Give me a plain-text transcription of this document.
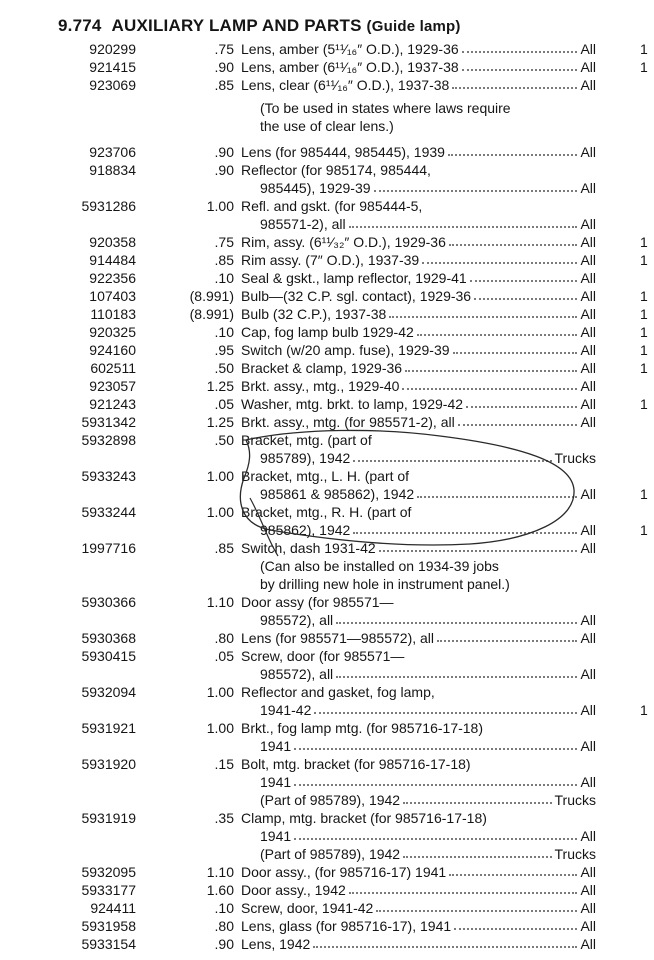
9.774 AUXILIARY LAMP AND PARTS (Guide lamp)
920299	.75 Lens, amber (5¹¹⁄₁₆″ O.D.), 1929-36	All	1
921415	.90 Lens, amber (6¹¹⁄₁₆″ O.D.), 1937-38	All	1
923069	.85 Lens, clear (6¹¹⁄₁₆″ O.D.), 1937-38	All
(To be used in states where laws require
the use of clear lens.)
923706	.90 Lens (for 985444, 985445), 1939	All
918834	.90 Reflector (for 985174, 985444,
985445), 1929-39	All
5931286	1.00 Refl. and gskt. (for 985444-5,
985571-2), all	All
920358	.75 Rim, assy. (6¹¹⁄₃₂″ O.D.), 1929-36	All	1
914484	.85 Rim assy. (7″ O.D.), 1937-39	All	1
922356	.10 Seal & gskt., lamp reflector, 1929-41	All
107403	(8.991) Bulb—(32 C.P. sgl. contact), 1929-36	All	1
110183	(8.991) Bulb (32 C.P.), 1937-38	All	1
920325	.10 Cap, fog lamp bulb 1929-42	All	1
924160	.95 Switch (w/20 amp. fuse), 1929-39	All	1
602511	.50 Bracket & clamp, 1929-36	All	1
923057	1.25 Brkt. assy., mtg., 1929-40	All
921243	.05 Washer, mtg. brkt. to lamp, 1929-42	All	1
5931342	1.25 Brkt. assy., mtg. (for 985571-2), all	All
5932898	.50 Bracket, mtg. (part of
985789), 1942	Trucks
5933243	1.00 Bracket, mtg., L. H. (part of
985861 & 985862), 1942	All	1
5933244	1.00 Bracket, mtg., R. H. (part of
985862), 1942	All	1
1997716	.85 Switch, dash 1931-42	All
(Can also be installed on 1934-39 jobs
by drilling new hole in instrument panel.)
5930366	1.10 Door assy (for 985571—
985572), all	All
5930368	.80 Lens (for 985571—985572), all	All
5930415	.05 Screw, door (for 985571—
985572), all	All
5932094	1.00 Reflector and gasket, fog lamp,
1941-42	All	1
5931921	1.00 Brkt., fog lamp mtg. (for 985716-17-18)
1941	All
5931920	.15 Bolt, mtg. bracket (for 985716-17-18)
1941	All
(Part of 985789), 1942	Trucks
5931919	.35 Clamp, mtg. bracket (for 985716-17-18)
1941	All
(Part of 985789), 1942	Trucks
5932095	1.10 Door assy., (for 985716-17) 1941	All
5933177	1.60 Door assy., 1942	All
924411	.10 Screw, door, 1941-42	All
5931958	.80 Lens, glass (for 985716-17), 1941	All
5933154	.90 Lens, 1942	All
